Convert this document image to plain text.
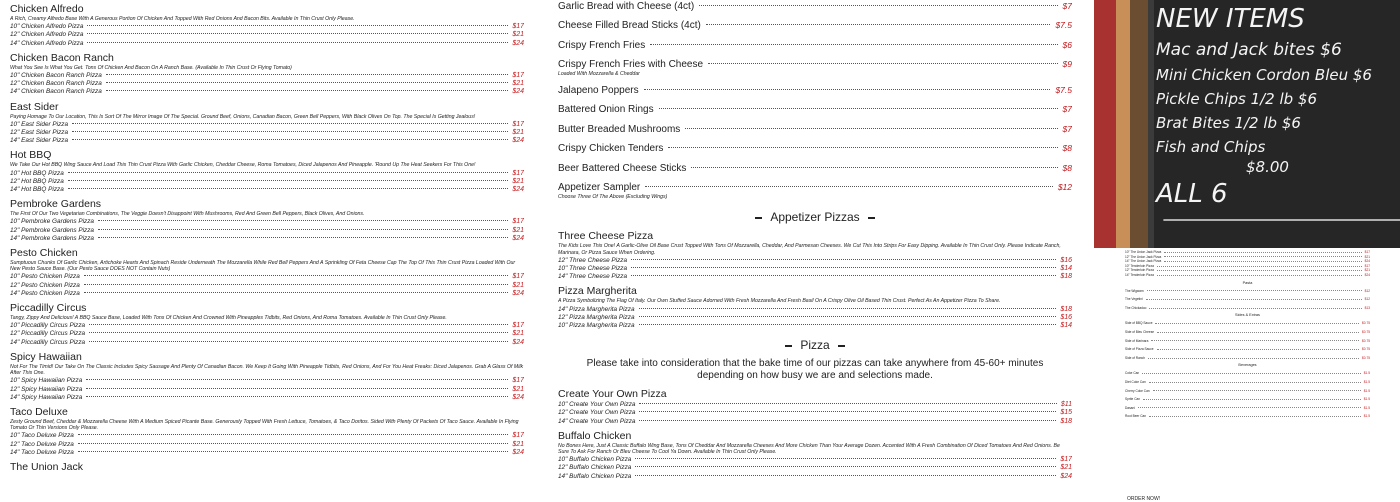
Chicken Alfredo
A Rich, Creamy Alfredo Base With A Generous Portion Of Chicken And Topped With Red Onions And Bacon Bits. Available In Thin Crust Only Please.
10" Chicken Alfredo Pizza	$17
12" Chicken Alfredo Pizza	$21
14" Chicken Alfredo Pizza	$24
Chicken Bacon Ranch
What You See Is What You Get. Tons Of Chicken And Bacon On A Ranch Base. (Available In Thin Crust Or Flying Tomato)
10" Chicken Bacon Ranch Pizza	$17
12" Chicken Bacon Ranch Pizza	$21
14" Chicken Bacon Ranch Pizza	$24
East Sider
Paying Homage To Our Location, This Is Sort Of The Mirror Image Of The Special. Ground Beef, Onions, Canadian Bacon, Green Bell Peppers, With Black Olives On Top. The Special Is Getting Jealous!
10" East Sider Pizza	$17
12" East Sider Pizza	$21
14" East Sider Pizza	$24
Hot BBQ
We Take Our Hot BBQ Wing Sauce And Load This Thin Crust Pizza With Garlic Chicken, Cheddar Cheese, Roma Tomatoes, Diced Jalapenos And Pineapple. 'Round Up The Heat Seekers For This One!
10" Hot BBQ Pizza	$17
12" Hot BBQ Pizza	$21
14" Hot BBQ Pizza	$24
Pembroke Gardens
The First Of Our Two Vegetarian Combinations, The Veggie Doesn't Disappoint With Mushrooms, Red And Green Bell Peppers, Black Olives, And Onions.
10" Pembroke Gardens Pizza	$17
12" Pembroke Gardens Pizza	$21
14" Pembroke Gardens Pizza	$24
Pesto Chicken
Sumptuous Chunks Of Garlic Chicken, Artichoke Hearts And Spinach Reside Underneath The Mozzarella While Red Bell Peppers And A Sprinkling Of Feta Cheese Cap The Top Of This Thin Crust Pizza Loaded With Our New Pesto Sauce Base. (Our Pesto Sauce DOES NOT Contain Nuts)
10" Pesto Chicken Pizza	$17
12" Pesto Chicken Pizza	$21
14" Pesto Chicken Pizza	$24
Piccadilly Circus
Tangy, Zippy And Delicious! A BBQ Sauce Base, Loaded With Tons Of Chicken And Crowned With Pineapples Tidbits, Red Onions, And Roma Tomatoes. Available In Thin Crust Only Please.
10" Piccadilly Circus Pizza	$17
12" Piccadilly Circus Pizza	$21
14" Piccadilly Circus Pizza	$24
Spicy Hawaiian
Not For The Timid! Our Take On The Classic Includes Spicy Sausage And Plenty Of Canadian Bacon. We Keep It Going With Pineapple Tidbits, Red Onions, And For You Heat Freaks: Diced Jalapenos. Grab A Glass Of Milk After This One.
10" Spicy Hawaiian Pizza	$17
12" Spicy Hawaiian Pizza	$21
14" Spicy Hawaiian Pizza	$24
Taco Deluxe
Zesty Ground Beef, Cheddar & Mozzarella Cheese With A Medium Spiced Picante Base. Generously Topped With Fresh Lettuce, Tomatoes, & Taco Doritos. Sided With Plenty Of Packets Of Taco Sauce. Available In Flying Tomato Or Thin Versions Only Please.
10" Taco Deluxe Pizza	$17
12" Taco Deluxe Pizza	$21
14" Taco Deluxe Pizza	$24
The Union Jack
Garlic Bread with Cheese (4ct)	$7
Cheese Filled Bread Sticks (4ct)	$7.5
Crispy French Fries	$6
Crispy French Fries with Cheese	$9
Loaded With Mozzarella & Cheddar
Jalapeno Poppers	$7.5
Battered Onion Rings	$7
Butter Breaded Mushrooms	$7
Crispy Chicken Tenders	$8
Beer Battered Cheese Sticks	$8
Appetizer Sampler	$12
Choose Three Of The Above (Excluding Wings)
Appetizer Pizzas
Three Cheese Pizza
The Kids Love This One! A Garlic-Olive Oil Base Crust Topped With Tons Of Mozzarella, Cheddar, And Parmesan Cheeses. We Cut This Into Strips For Easy Dipping. Available In Thin Crust Only. Please Indicate Ranch, Marinara, Or Pizza Sauce When Ordering.
12" Three Cheese Pizza	$16
10" Three Cheese Pizza	$14
14" Three Cheese Pizza	$18
Pizza Margherita
A Pizza Symbolizing The Flag Of Italy. Our Own Stuffed Sauce Adorned With Fresh Mozzarella And Fresh Basil On A Crispy Olive Oil Based Thin Crust. Perfect As An Appetizer Pizza To Share.
14" Pizza Margherita Pizza	$18
12" Pizza Margherita Pizza	$16
10" Pizza Margherita Pizza	$14
Pizza
Please take into consideration that the bake time of our pizzas can take anywhere from 45-60+ minutes depending on how busy we are and selections made.
Create Your Own Pizza
10" Create Your Own Pizza	$11
12" Create Your Own Pizza	$15
14" Create Your Own Pizza	$18
Buffalo Chicken
No Bones Here, Just A Classic Buffalo Wing Base, Tons Of Cheddar And Mozzarella Cheeses And More Chicken Than Your Average Dozen. Accented With A Fresh Combination Of Diced Tomatoes And Red Onions. Be Sure To Ask For Ranch Or Bleu Cheese To Cool Ya Down. Available In Thin Crust Only Please.
10" Buffalo Chicken Pizza	$17
12" Buffalo Chicken Pizza	$21
14" Buffalo Chicken Pizza	$24
NEW ITEMS
Mac and Jack bites $6
Mini Chicken Cordon Bleu $6
Pickle Chips 1/2 lb $6
Brat Bites 1/2 lb $6
Fish and Chips
$8.00
ALL 6
10" The Union Jack Pizza	$17
12" The Union Jack Pizza	$21
14" The Union Jack Pizza	$24
10" Tenderloin Pizza	$17
12" Tenderloin Pizza	$21
14" Tenderloin Pizza	$24
Pasta
The Wigwam	$12
The Vegetini	$12
The Chickadoo	$13
Sides & Extras
Side of BBQ Sauce	$0.75
Side of Bleu Cheese	$0.75
Side of Marinara	$0.75
Side of Pizza Sauce	$0.75
Side of Ranch	$0.75
Beverages
Coke Can	$1.5
Diet Coke Can	$1.5
Cherry Coke Can	$1.5
Sprite Can	$1.5
Dasani	$1.5
Root Beer Can	$1.5
ORDER NOW!
